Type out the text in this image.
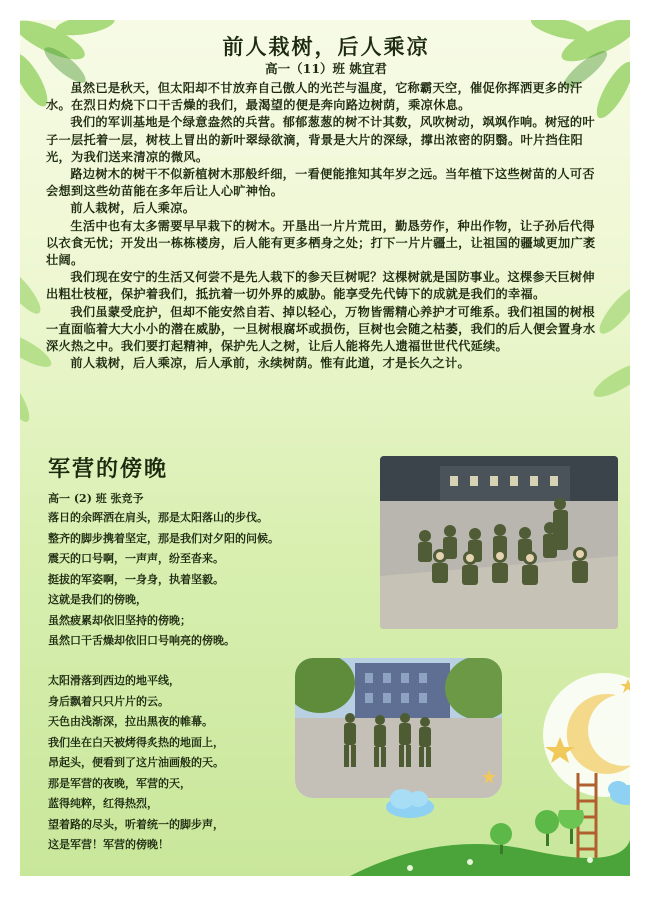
前人栽树，后人乘凉
高一（11）班 姚宜君

虽然已是秋天，但太阳却不甘放弃自己傲人的光芒与温度，它称霸天空，催促你挥洒更多的汗水。在烈日灼烧下口干舌燥的我们，最渴望的便是奔向路边树荫，乘凉休息。

我们的军训基地是个绿意盎然的兵营。郁郁葱葱的树不计其数，风吹树动，飒飒作响。树冠的叶子一层托着一层，树枝上冒出的新叶翠绿欲滴，背景是大片的深绿，撑出浓密的阴翳。叶片挡住阳光，为我们送来清凉的微风。

路边树木的树干不似新植树木那般纤细，一看便能推知其年岁之远。当年植下这些树苗的人可否会想到这些幼苗能在多年后让人心旷神怡。

前人栽树，后人乘凉。

生活中也有太多需要早早栽下的树木。开垦出一片片荒田，勤恳劳作，种出作物，让子孙后代得以衣食无忧；开发出一栋栋楼房，后人能有更多栖身之处；打下一片片疆土，让祖国的疆域更加广袤壮阔。

我们现在安宁的生活又何尝不是先人栽下的参天巨树呢？这棵树就是国防事业。这棵参天巨树伸出粗壮枝桠，保护着我们，抵抗着一切外界的威胁。能享受先代铸下的成就是我们的幸福。

我们虽蒙受庇护，但却不能安然自若、掉以轻心，万物皆需精心养护才可维系。我们祖国的树根一直面临着大大小小的潜在威胁，一旦树根腐坏或损伤，巨树也会随之枯萎，我们的后人便会置身水深火热之中。我们要打起精神，保护先人之树，让后人能将先人遗福世世代代延续。

前人栽树，后人乘凉，后人承前，永续树荫。惟有此道，才是长久之计。

军营的傍晚
高一 (2) 班 张竞予
落日的余晖洒在肩头，那是太阳落山的步伐。
整齐的脚步携着坚定，那是我们对夕阳的问候。
震天的口号啊，一声声，纷至沓来。
挺拔的军姿啊，一身身，执着坚毅。
这就是我们的傍晚，
虽然疲累却依旧坚持的傍晚；
虽然口干舌燥却依旧口号响亮的傍晚。
太阳滑落到西边的地平线，
身后飘着只只片片的云。
天色由浅渐深，拉出黑夜的帷幕。
我们坐在白天被烤得炙热的地面上，
昂起头，便看到了这片油画般的天。
那是军营的夜晚，军营的天，
蓝得纯粹，红得热烈，
望着路的尽头，听着统一的脚步声，
这是军营！军营的傍晚！
